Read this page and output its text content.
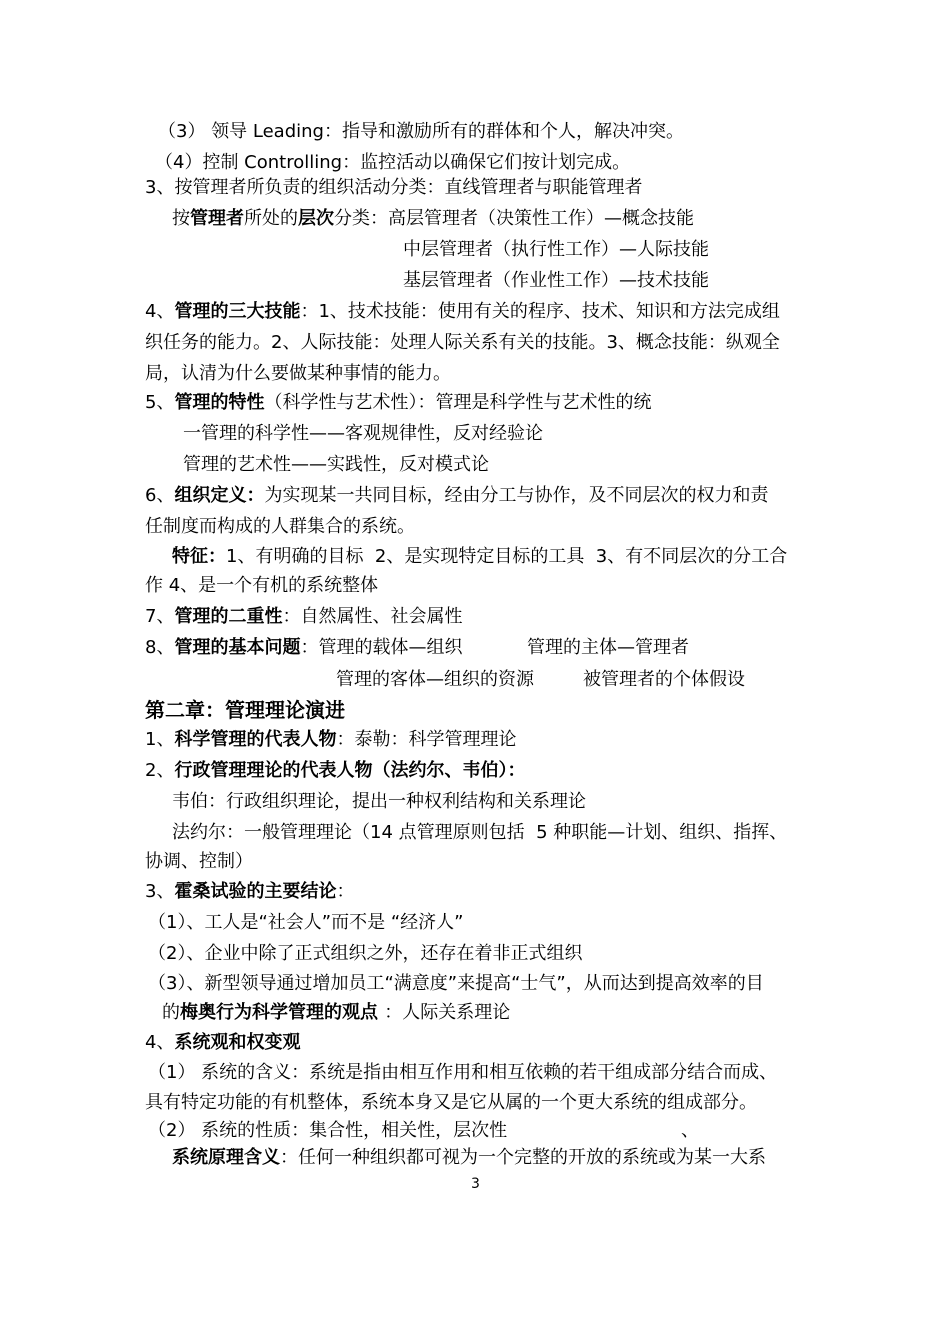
（3） 领导 Leading：指导和激励所有的群体和个人，解决冲突。
（4）控制 Controlling：监控活动以确保它们按计划完成。
3、按管理者所负责的组织活动分类：直线管理者与职能管理者
按管理者所处的层次分类：高层管理者（决策性工作）—概念技能
中层管理者（执行性工作）—人际技能
基层管理者（作业性工作）—技术技能
4、管理的三大技能：1、技术技能：使用有关的程序、技术、知识和方法完成组
织任务的能力。2、人际技能：处理人际关系有关的技能。3、概念技能：纵观全
局，认清为什么要做某种事情的能力。
5、管理的特性（科学性与艺术性）：管理是科学性与艺术性的统
一管理的科学性——客观规律性，反对经验论
管理的艺术性——实践性，反对模式论
6、组织定义：为实现某一共同目标，经由分工与协作，及不同层次的权力和责
任制度而构成的人群集合的系统。
特征：1、有明确的目标  2、是实现特定目标的工具  3、有不同层次的分工合
作 4、是一个有机的系统整体
7、管理的二重性：自然属性、社会属性
8、管理的基本问题：管理的载体—组织	管理的主体—管理者
管理的客体—组织的资源	被管理者的个体假设
第二章：管理理论演进
1、科学管理的代表人物：泰勒：科学管理理论
2、行政管理理论的代表人物（法约尔、韦伯）：
韦伯：行政组织理论，提出一种权利结构和关系理论
法约尔：一般管理理论（14 点管理原则包括  5 种职能—计划、组织、指挥、
协调、控制）
3、霍桑试验的主要结论：
（1）、工人是“社会人”而不是 “经济人”
（2）、企业中除了正式组织之外，还存在着非正式组织
（3）、新型领导通过增加员工“满意度”来提高“士气”，从而达到提高效率的目
的梅奥行为科学管理的观点 ：人际关系理论
4、系统观和权变观
（1） 系统的含义：系统是指由相互作用和相互依赖的若干组成部分结合而成、
具有特定功能的有机整体，系统本身又是它从属的一个更大系统的组成部分。
（2） 系统的性质：集合性，相关性，层次性	、
系统原理含义：任何一种组织都可视为一个完整的开放的系统或为某一大系
3
